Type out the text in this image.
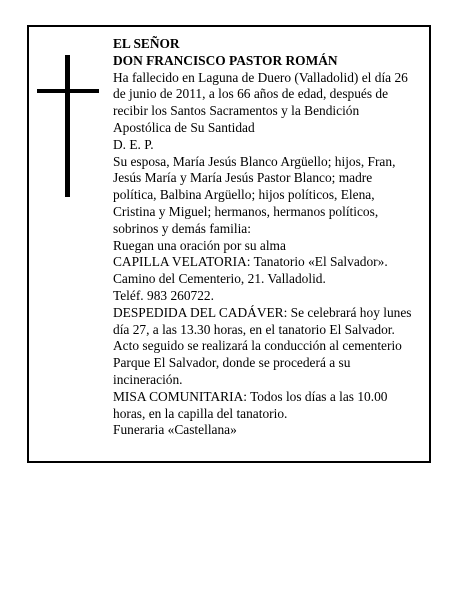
EL SEÑOR
DON FRANCISCO PASTOR ROMÁN
Ha fallecido en Laguna de Duero (Valladolid) el día 26
de junio de 2011, a los 66 años de edad, después de
recibir los Santos Sacramentos y la Bendición
Apostólica de Su Santidad
D. E. P.
Su esposa, María Jesús Blanco Argüello; hijos, Fran,
Jesús María y María Jesús Pastor Blanco; madre
política, Balbina Argüello; hijos políticos, Elena,
Cristina y Miguel; hermanos, hermanos políticos,
sobrinos y demás familia:
Ruegan una oración por su alma
CAPILLA VELATORIA: Tanatorio «El Salvador».
Camino del Cementerio, 21. Valladolid.
Teléf. 983 260722.
DESPEDIDA DEL CADÁVER: Se celebrará hoy lunes
día 27, a las 13.30 horas, en el tanatorio El Salvador.
Acto seguido se realizará la conducción al cementerio
Parque El Salvador, donde se procederá a su
incineración.
MISA COMUNITARIA: Todos los días a las 10.00
horas, en la capilla del tanatorio.
Funeraria «Castellana»
